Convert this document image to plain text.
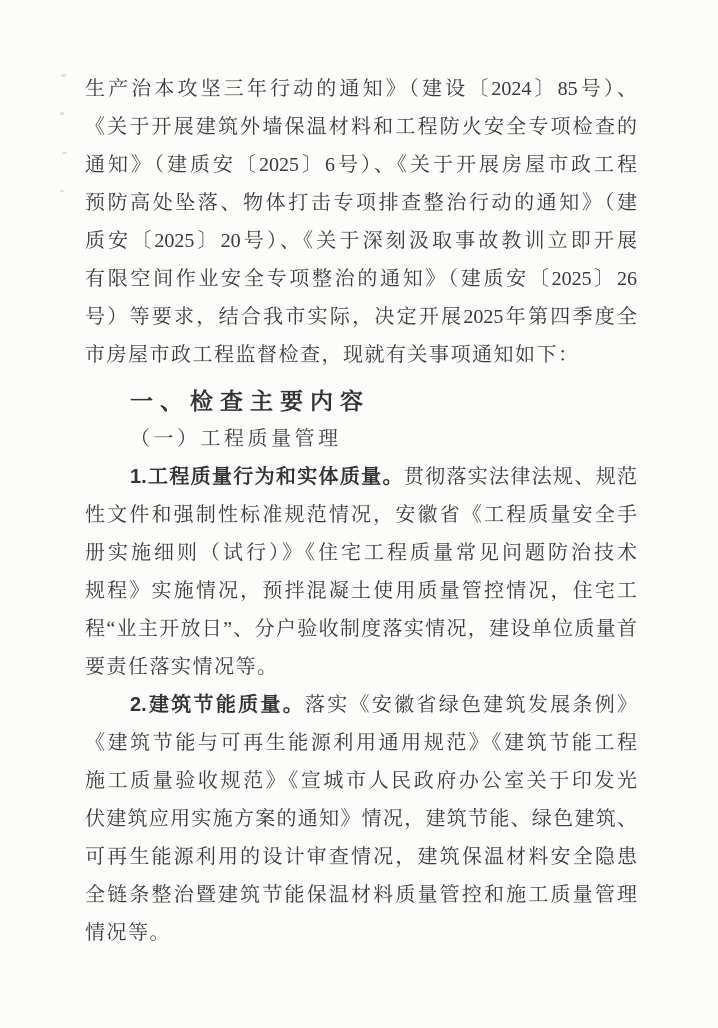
生产治本攻坚三年行动的通知》（建设〔2024〕85号）、
《关于开展建筑外墙保温材料和工程防火安全专项检查的
通知》（建质安〔2025〕6号）、《关于开展房屋市政工程
预防高处坠落、物体打击专项排查整治行动的通知》（建
质安〔2025〕20号）、《关于深刻汲取事故教训立即开展
有限空间作业安全专项整治的通知》（建质安〔2025〕26
号）等要求，结合我市实际，决定开展2025年第四季度全
市房屋市政工程监督检查，现就有关事项通知如下：
一、检查主要内容
（一）工程质量管理
1.工程质量行为和实体质量。贯彻落实法律法规、规范
性文件和强制性标准规范情况，安徽省《工程质量安全手
册实施细则（试行）》《住宅工程质量常见问题防治技术
规程》实施情况，预拌混凝土使用质量管控情况，住宅工
程“业主开放日”、分户验收制度落实情况，建设单位质量首
要责任落实情况等。
2.建筑节能质量。落实《安徽省绿色建筑发展条例》
《建筑节能与可再生能源利用通用规范》《建筑节能工程
施工质量验收规范》《宣城市人民政府办公室关于印发光
伏建筑应用实施方案的通知》情况，建筑节能、绿色建筑、
可再生能源利用的设计审查情况，建筑保温材料安全隐患
全链条整治暨建筑节能保温材料质量管控和施工质量管理
情况等。
